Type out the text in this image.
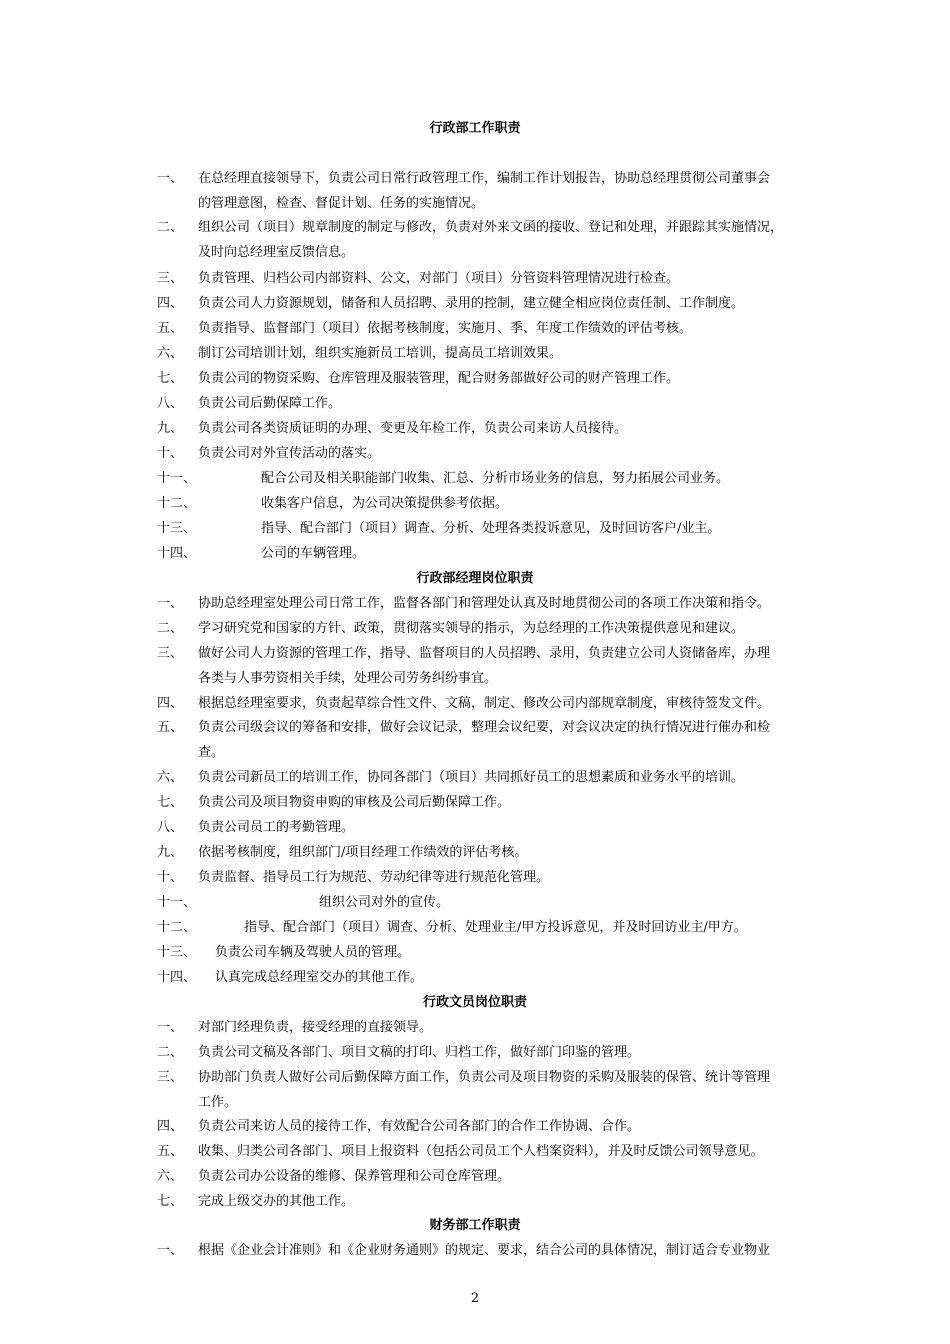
行政部工作职责
一、 在总经理直接领导下，负责公司日常行政管理工作，编制工作计划报告，协助总经理贯彻公司董事会
的管理意图，检查、督促计划、任务的实施情况。
二、 组织公司（项目）规章制度的制定与修改，负责对外来文函的接收、登记和处理，并跟踪其实施情况，
及时向总经理室反馈信息。
三、 负责管理、归档公司内部资料、公文，对部门（项目）分管资料管理情况进行检查。
四、 负责公司人力资源规划，储备和人员招聘、录用的控制，建立健全相应岗位责任制、工作制度。
五、 负责指导、监督部门（项目）依据考核制度，实施月、季、年度工作绩效的评估考核。
六、 制订公司培训计划，组织实施新员工培训，提高员工培训效果。
七、 负责公司的物资采购、仓库管理及服装管理，配合财务部做好公司的财产管理工作。
八、 负责公司后勤保障工作。
九、 负责公司各类资质证明的办理、变更及年检工作，负责公司来访人员接待。
十、 负责公司对外宣传活动的落实。
十一、	配合公司及相关职能部门收集、汇总、分析市场业务的信息，努力拓展公司业务。
十二、	收集客户信息，为公司决策提供参考依据。
十三、	指导、配合部门（项目）调查、分析、处理各类投诉意见，及时回访客户/业主。
十四、	公司的车辆管理。
行政部经理岗位职责
一、 协助总经理室处理公司日常工作，监督各部门和管理处认真及时地贯彻公司的各项工作决策和指令。
二、 学习研究党和国家的方针、政策，贯彻落实领导的指示，为总经理的工作决策提供意见和建议。
三、 做好公司人力资源的管理工作，指导、监督项目的人员招聘、录用，负责建立公司人资储备库，办理
各类与人事劳资相关手续，处理公司劳务纠纷事宜。
四、 根据总经理室要求，负责起草综合性文件、文稿，制定、修改公司内部规章制度，审核待签发文件。
五、 负责公司级会议的筹备和安排，做好会议记录，整理会议纪要，对会议决定的执行情况进行催办和检
查。
六、 负责公司新员工的培训工作，协同各部门（项目）共同抓好员工的思想素质和业务水平的培训。
七、 负责公司及项目物资申购的审核及公司后勤保障工作。
八、 负责公司员工的考勤管理。
九、 依据考核制度，组织部门/项目经理工作绩效的评估考核。
十、 负责监督、指导员工行为规范、劳动纪律等进行规范化管理。
十一、	组织公司对外的宣传。
十二、	指导、配合部门（项目）调查、分析、处理业主/甲方投诉意见，并及时回访业主/甲方。
十三、 负责公司车辆及驾驶人员的管理。
十四、 认真完成总经理室交办的其他工作。
行政文员岗位职责
一、 对部门经理负责，接受经理的直接领导。
二、 负责公司文稿及各部门、项目文稿的打印、归档工作，做好部门印鉴的管理。
三、 协助部门负责人做好公司后勤保障方面工作，负责公司及项目物资的采购及服装的保管、统计等管理
工作。
四、 负责公司来访人员的接待工作，有效配合公司各部门的合作工作协调、合作。
五、 收集、归类公司各部门、项目上报资料（包括公司员工个人档案资料），并及时反馈公司领导意见。
六、 负责公司办公设备的维修、保养管理和公司仓库管理。
七、 完成上级交办的其他工作。
财务部工作职责
一、 根据《企业会计准则》和《企业财务通则》的规定、要求，结合公司的具体情况，制订适合专业物业
2
